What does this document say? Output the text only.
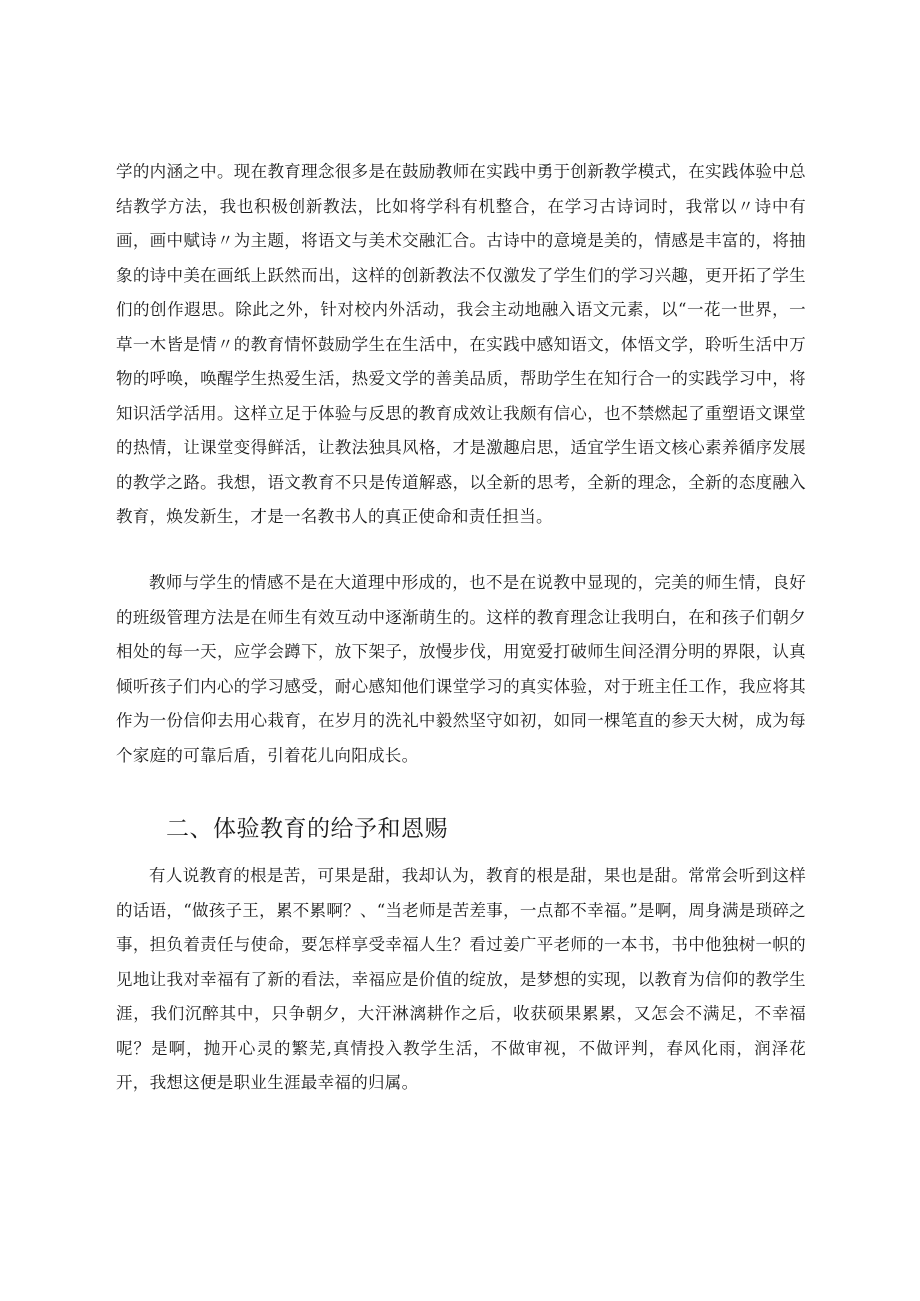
学的内涵之中。现在教育理念很多是在鼓励教师在实践中勇于创新教学模式，在实践体验中总结教学方法，我也积极创新教法，比如将学科有机整合，在学习古诗词时，我常以〃诗中有画，画中赋诗〃为主题，将语文与美术交融汇合。古诗中的意境是美的，情感是丰富的，将抽象的诗中美在画纸上跃然而出，这样的创新教法不仅激发了学生们的学习兴趣，更开拓了学生们的创作遐思。除此之外，针对校内外活动，我会主动地融入语文元素，以“一花一世界，一草一木皆是情〃的教育情怀鼓励学生在生活中，在实践中感知语文，体悟文学，聆听生活中万物的呼唤，唤醒学生热爱生活，热爱文学的善美品质，帮助学生在知行合一的实践学习中，将知识活学活用。这样立足于体验与反思的教育成效让我颇有信心，也不禁燃起了重塑语文课堂的热情，让课堂变得鲜活，让教法独具风格，才是激趣启思，适宜学生语文核心素养循序发展的教学之路。我想，语文教育不只是传道解惑，以全新的思考，全新的理念，全新的态度融入教育，焕发新生，才是一名教书人的真正使命和责任担当。

教师与学生的情感不是在大道理中形成的，也不是在说教中显现的，完美的师生情，良好的班级管理方法是在师生有效互动中逐渐萌生的。这样的教育理念让我明白，在和孩子们朝夕相处的每一天，应学会蹲下，放下架子，放慢步伐，用宽爱打破师生间泾渭分明的界限，认真倾听孩子们内心的学习感受，耐心感知他们课堂学习的真实体验，对于班主任工作，我应将其作为一份信仰去用心栽育，在岁月的洗礼中毅然坚守如初，如同一棵笔直的参天大树，成为每个家庭的可靠后盾，引着花儿向阳成长。

二、体验教育的给予和恩赐

有人说教育的根是苦，可果是甜，我却认为，教育的根是甜，果也是甜。常常会听到这样的话语，“做孩子王，累不累啊？、“当老师是苦差事，一点都不幸福。”是啊，周身满是琐碎之事，担负着责任与使命，要怎样享受幸福人生？看过姜广平老师的一本书，书中他独树一帜的见地让我对幸福有了新的看法，幸福应是价值的绽放，是梦想的实现，以教育为信仰的教学生涯，我们沉醉其中，只争朝夕，大汗淋漓耕作之后，收获硕果累累，又怎会不满足，不幸福呢？是啊，抛开心灵的繁芜,真情投入教学生活，不做审视，不做评判，春风化雨，润泽花开，我想这便是职业生涯最幸福的归属。
